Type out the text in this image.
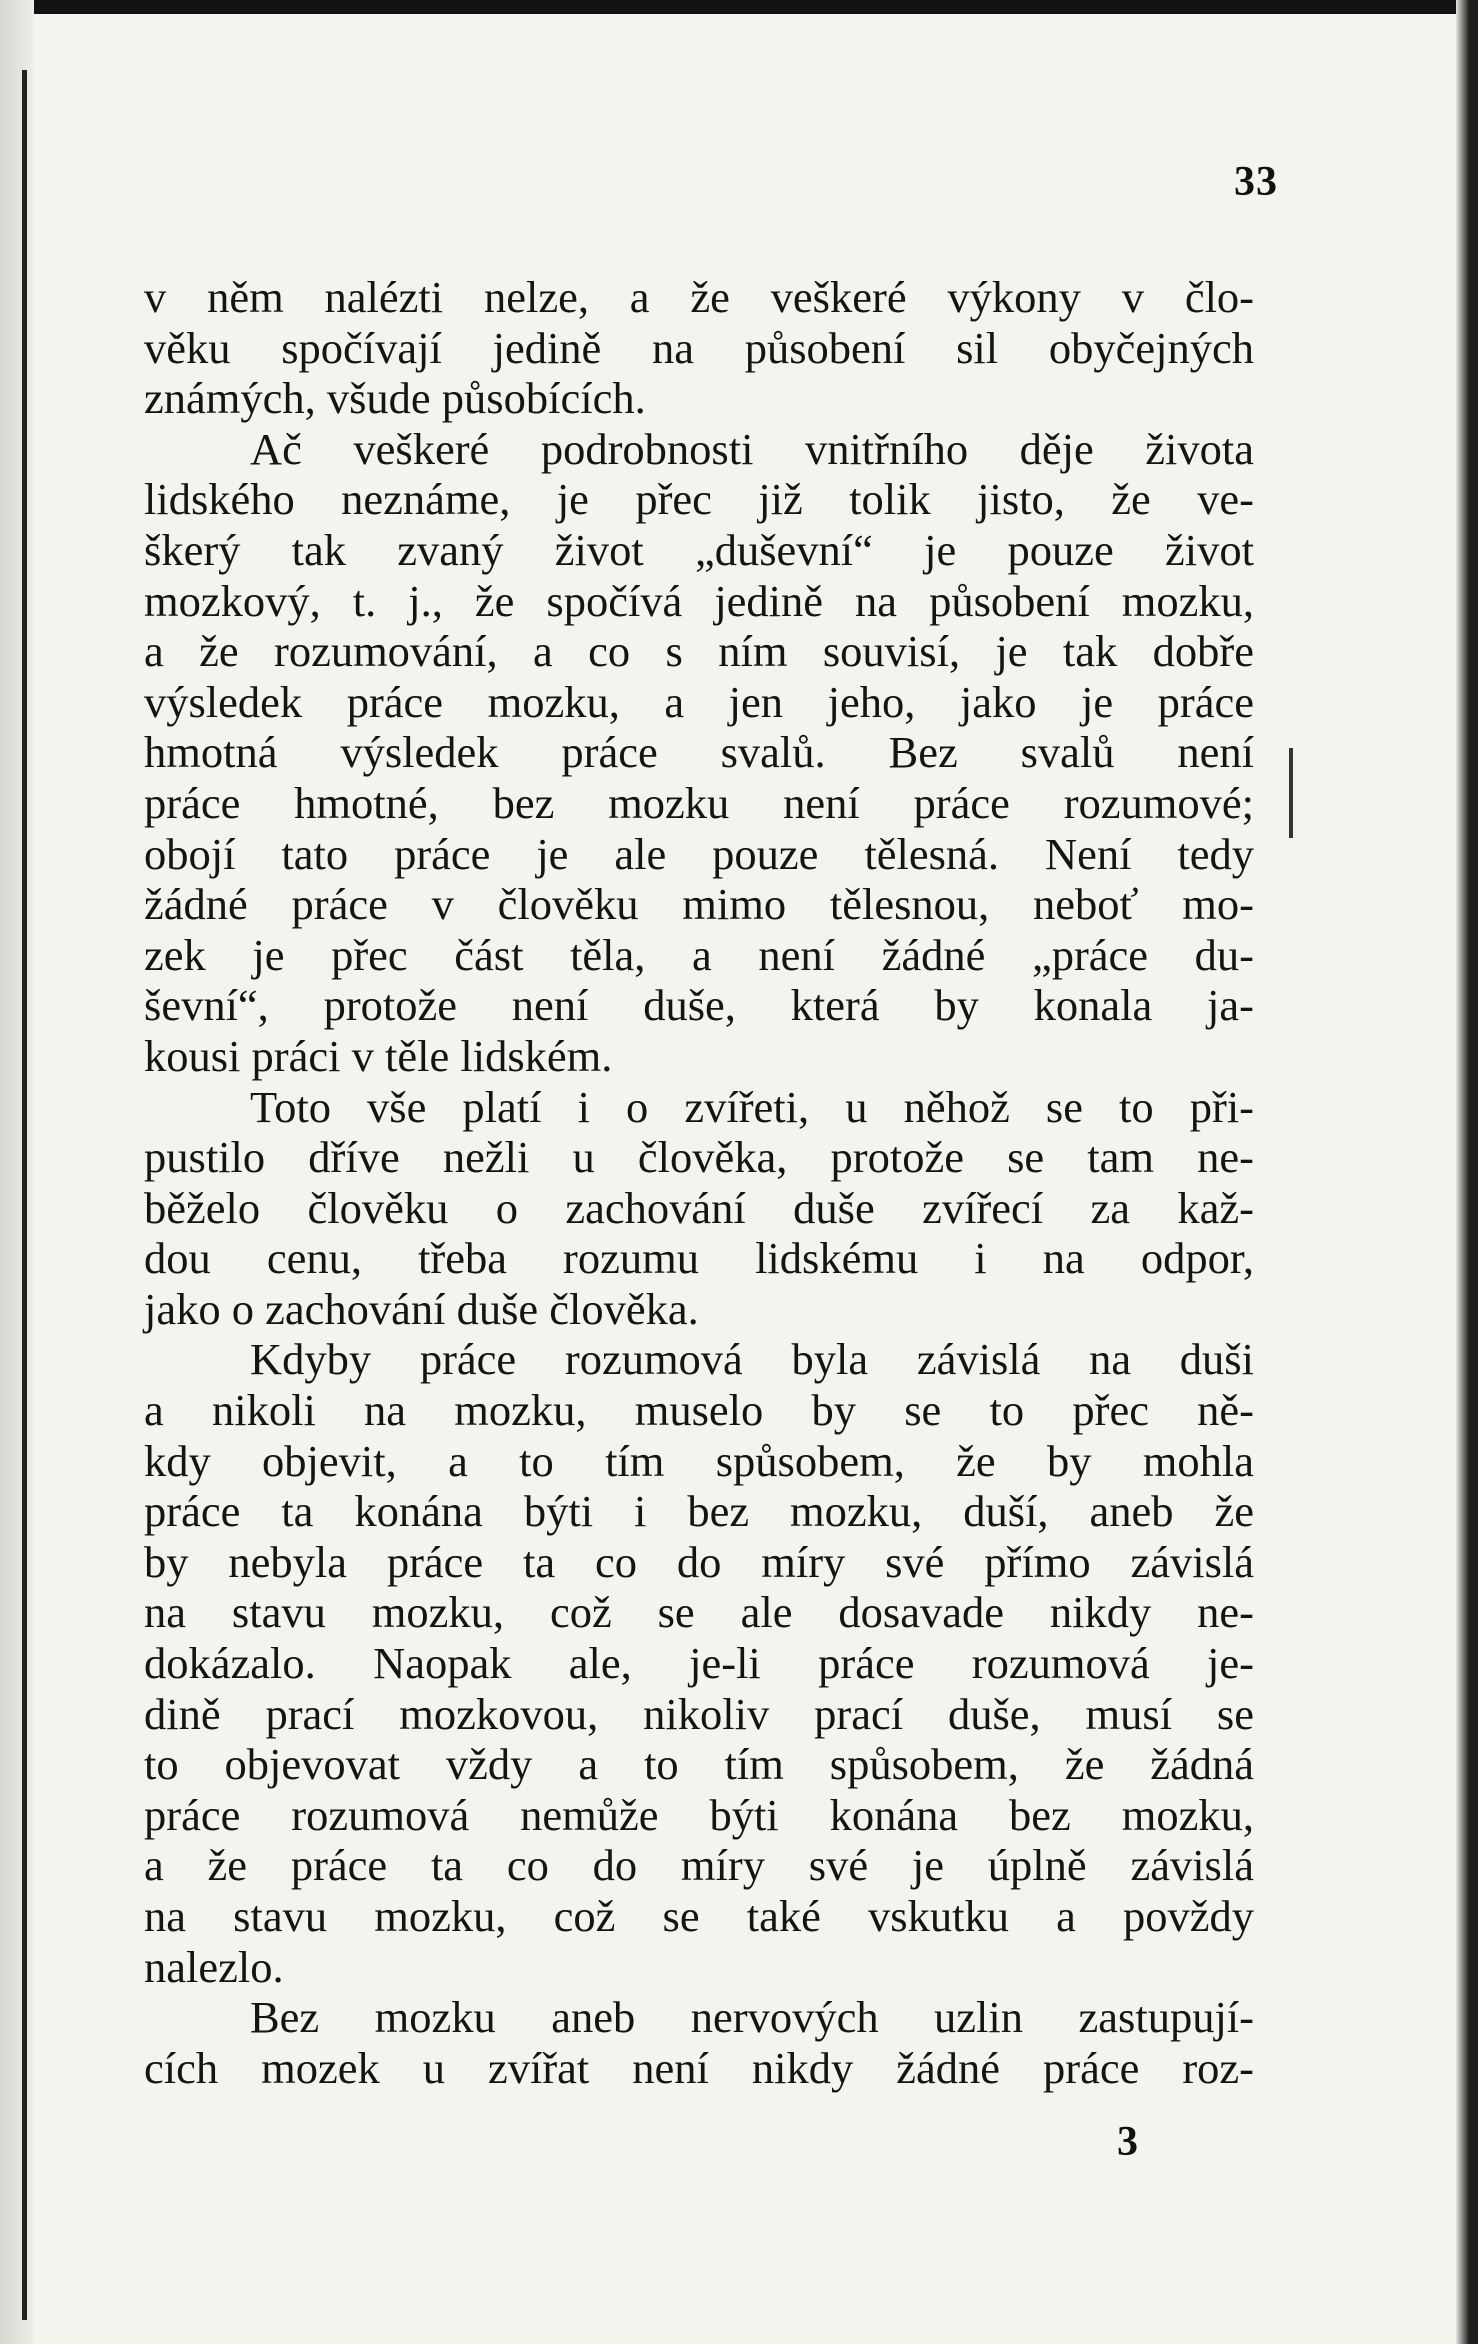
33
v něm nalézti nelze, a že veškeré výkony v člo-
věku spočívají jedině na působení sil obyčejných
známých, všude působících.
Ač veškeré podrobnosti vnitřního děje života
lidského neznáme, je přec již tolik jisto, že ve-
škerý tak zvaný život „duševní“ je pouze život
mozkový, t. j., že spočívá jedině na působení mozku,
a že rozumování, a co s ním souvisí, je tak dobře
výsledek práce mozku, a jen jeho, jako je práce
hmotná výsledek práce svalů. Bez svalů není
práce hmotné, bez mozku není práce rozumové;
obojí tato práce je ale pouze tělesná. Není tedy
žádné práce v člověku mimo tělesnou, neboť mo-
zek je přec část těla, a není žádné „práce du-
ševní“, protože není duše, která by konala ja-
kousi práci v těle lidském.
Toto vše platí i o zvířeti, u něhož se to při-
pustilo dříve nežli u člověka, protože se tam ne-
běželo člověku o zachování duše zvířecí za kaž-
dou cenu, třeba rozumu lidskému i na odpor,
jako o zachování duše člověka.
Kdyby práce rozumová byla závislá na duši
a nikoli na mozku, muselo by se to přec ně-
kdy objevit, a to tím spůsobem, že by mohla
práce ta konána býti i bez mozku, duší, aneb že
by nebyla práce ta co do míry své přímo závislá
na stavu mozku, což se ale dosavade nikdy ne-
dokázalo. Naopak ale, je-li práce rozumová je-
dině prací mozkovou, nikoliv prací duše, musí se
to objevovat vždy a to tím spůsobem, že žádná
práce rozumová nemůže býti konána bez mozku,
a že práce ta co do míry své je úplně závislá
na stavu mozku, což se také vskutku a povždy
nalezlo.
Bez mozku aneb nervových uzlin zastupují-
cích mozek u zvířat není nikdy žádné práce roz-
3
